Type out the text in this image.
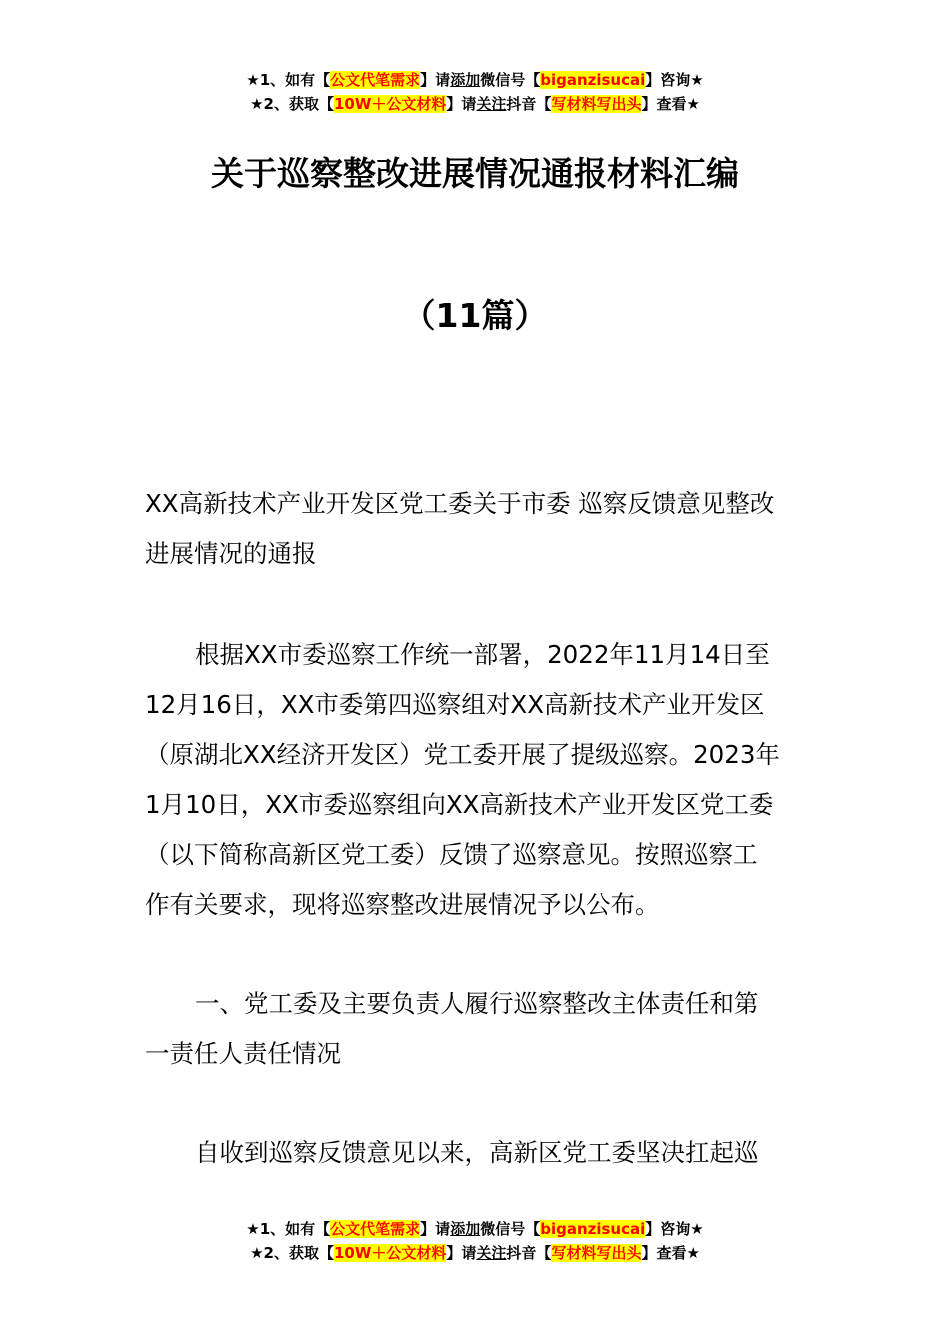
★1、如有【公文代笔需求】请添加微信号【biganzisucai】咨询★
★2、获取【10W＋公文材料】请关注抖音【写材料写出头】查看★
关于巡察整改进展情况通报材料汇编
（11篇）

XX高新技术产业开发区党工委关于市委 巡察反馈意见整改
进展情况的通报

根据XX市委巡察工作统一部署，2022年11月14日至
12月16日，XX市委第四巡察组对XX高新技术产业开发区
（原湖北XX经济开发区）党工委开展了提级巡察。2023年
1月10日，XX市委巡察组向XX高新技术产业开发区党工委
（以下简称高新区党工委）反馈了巡察意见。按照巡察工
作有关要求，现将巡察整改进展情况予以公布。

一、党工委及主要负责人履行巡察整改主体责任和第
一责任人责任情况

自收到巡察反馈意见以来，高新区党工委坚决扛起巡

★1、如有【公文代笔需求】请添加微信号【biganzisucai】咨询★
★2、获取【10W＋公文材料】请关注抖音【写材料写出头】查看★
